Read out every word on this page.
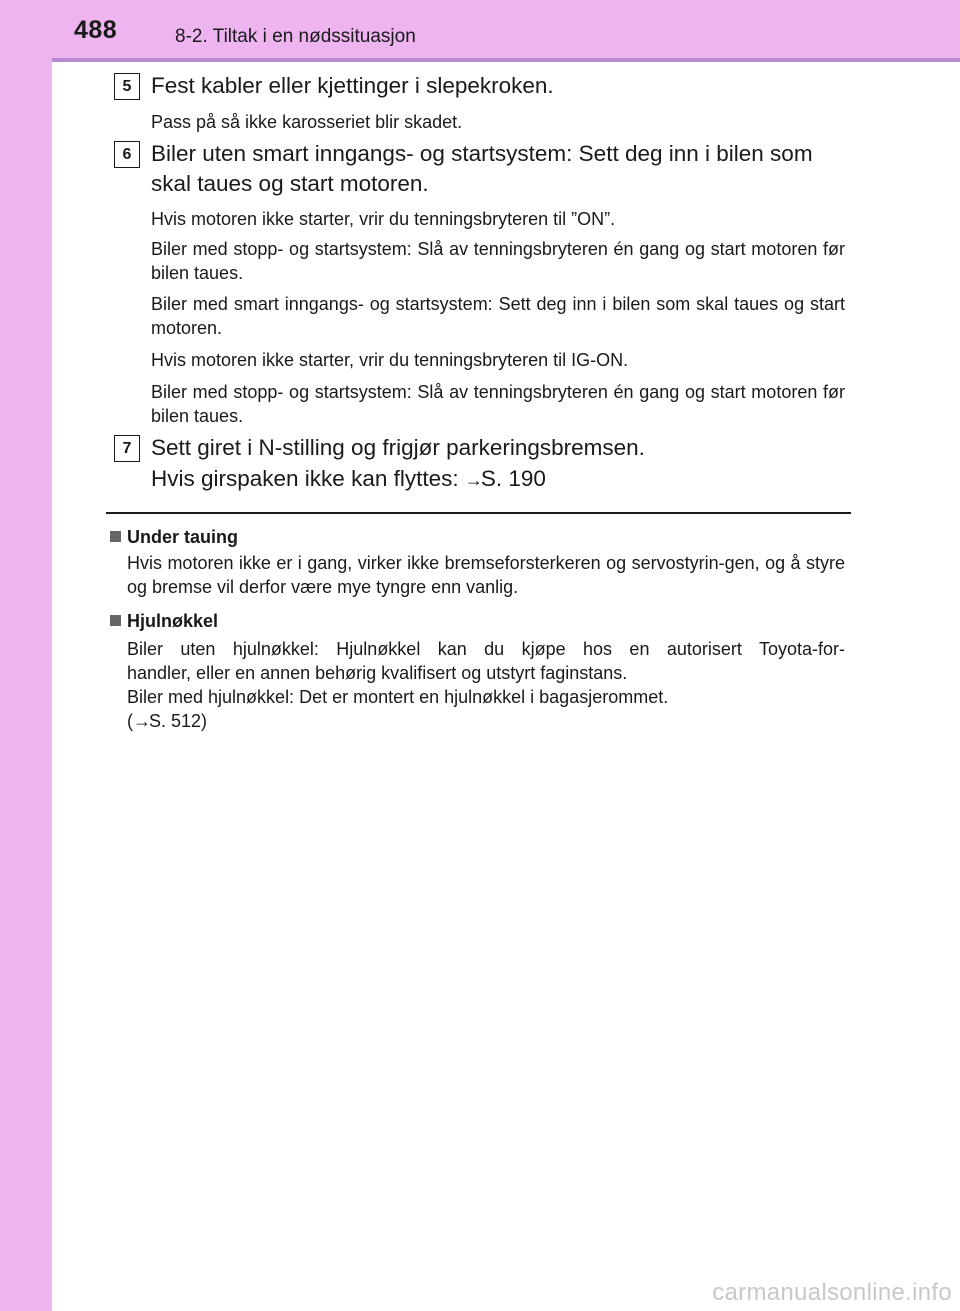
488	8-2. Tiltak i en nødssituasjon
5 Fest kabler eller kjettinger i slepekroken.
Pass på så ikke karosseriet blir skadet.
6 Biler uten smart inngangs- og startsystem: Sett deg inn i bilen som
skal taues og start motoren.
Hvis motoren ikke starter, vrir du tenningsbryteren til ”ON”.
Biler med stopp- og startsystem: Slå av tenningsbryteren én gang og start motoren før bilen taues.
Biler med smart inngangs- og startsystem: Sett deg inn i bilen som skal taues og start motoren.
Hvis motoren ikke starter, vrir du tenningsbryteren til IG-ON.
Biler med stopp- og startsystem: Slå av tenningsbryteren én gang og start motoren før bilen taues.
7 Sett giret i N-stilling og frigjør parkeringsbremsen.
Hvis girspaken ikke kan flyttes: →S. 190
Under tauing
Hvis motoren ikke er i gang, virker ikke bremseforsterkeren og servostyrin-gen, og å styre og bremse vil derfor være mye tyngre enn vanlig.
Hjulnøkkel
Biler uten hjulnøkkel: Hjulnøkkel kan du kjøpe hos en autorisert Toyota-for-
handler, eller en annen behørig kvalifisert og utstyrt faginstans.
Biler med hjulnøkkel: Det er montert en hjulnøkkel i bagasjerommet.
(→S. 512)
carmanualsonline.info
